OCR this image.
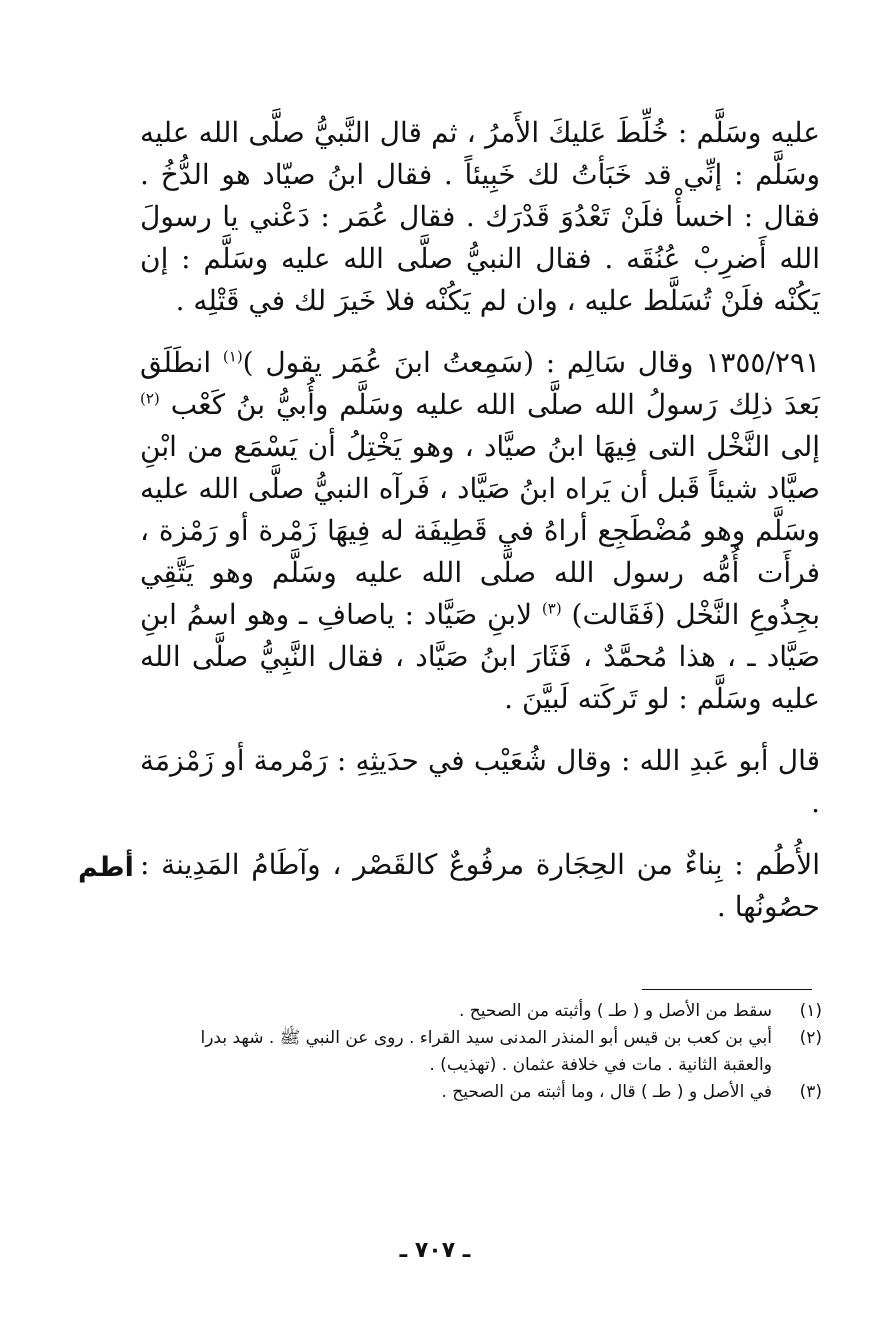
عليه وسَلَّم : خُلِّطَ عَليكَ الأَمرُ ، ثم قال النَّبيُّ صلَّى الله عليه وسَلَّم : إنِّي قد خَبَأتُ لك خَبِيئاً . فقال ابنُ صيّاد هو الدُّخُ . فقال : اخسأْ فلَنْ تَعْدُوَ قَدْرَك . فقال عُمَر : دَعْني يا رسولَ الله أَضرِبْ عُنُقَه . فقال النبيُّ صلَّى الله عليه وسَلَّم : إن يَكُنْه فلَنْ تُسَلَّط عليه ، وان لم يَكُنْه فلا خَيرَ لك في قَتْلِه .

١٣٥٥/٢٩١ وقال سَالِم : (سَمِعتُ ابنَ عُمَر يقول )$^{(١)}$ انطَلَق بَعدَ ذلِك رَسولُ الله صلَّى الله عليه وسَلَّم وأُبيُّ بنُ كَعْب $^{(٢)}$ إلى النَّخْل التى فِيهَا ابنُ صيَّاد ، وهو يَخْتِلُ أن يَسْمَع من ابْنِ صيَّاد شيئاً قَبل أن يَراه ابنُ صَيَّاد ، فَرآه النبيُّ صلَّى الله عليه وسَلَّم وهو مُضْطَجِع أراهُ في قَطِيفَة له فِيهَا زَمْرة أو رَمْزة ، فرأَت أُمُّه رسول الله صلَّى الله عليه وسَلَّم وهو يَتَّقِي بجِذُوعِ النَّخْل (فَقَالت) $^{(٣)}$ لابنِ صَيَّاد : ياصافِ ـ وهو اسمُ ابنِ صَيَّاد ـ ، هذا مُحمَّدٌ ، فَثَارَ ابنُ صَيَّاد ، فقال النَّبِيُّ صلَّى الله عليه وسَلَّم : لو تَركَته لَبيَّنَ .

قال أبو عَبدِ الله : وقال شُعَيْب في حدَيثِهِ : رَمْرمة أو زَمْزمَة .

الأُطُم : بِناءٌ من الحِجَارة مرفُوعٌ كالقَصْر ، وآطَامُ المَدِينة : حصُونُها .

أطم
(١)
سقط من الأصل و ( طـ ) وأثبته من الصحيح .
(٢)
أبي بن كعب بن قيس أبو المنذر المدنى سيد القراء . روى عن النبي ﷺ . شهد بدرا والعقبة الثانية . مات في خلافة عثمان . (تهذيب) .
(٣)
في الأصل و ( طـ ) قال ، وما أثبته من الصحيح .
ـ ٧٠٧ ـ
